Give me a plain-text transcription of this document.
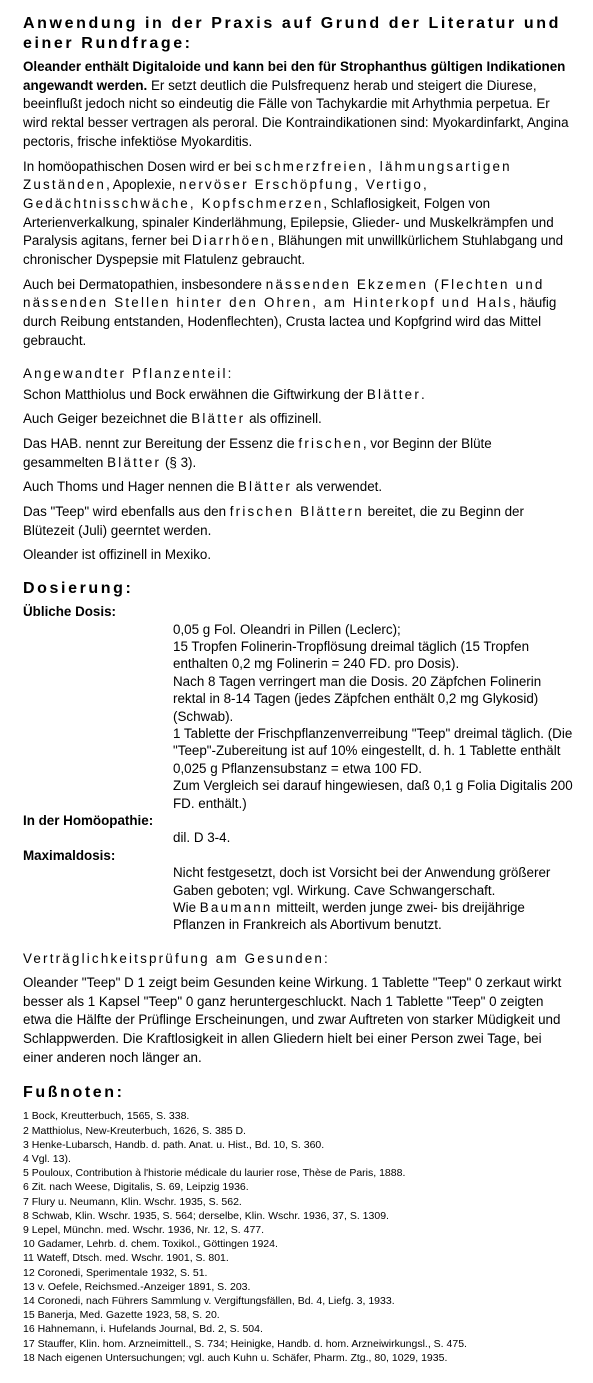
Anwendung in der Praxis auf Grund der Literatur und einer Rundfrage:

Oleander enthält Digitaloide und kann bei den für Strophanthus gültigen Indikationen angewandt werden. Er setzt deutlich die Pulsfrequenz herab und steigert die Diurese, beeinflußt jedoch nicht so eindeutig die Fälle von Tachykardie mit Arhythmia perpetua. Er wird rektal besser vertragen als peroral. Die Kontraindikationen sind: Myokardinfarkt, Angina pectoris, frische infektiöse Myokarditis.

In homöopathischen Dosen wird er bei schmerzfreien, lähmungsartigen Zuständen, Apoplexie, nervöser Erschöpfung, Vertigo, Gedächtnisschwäche, Kopfschmerzen, Schlaflosigkeit, Folgen von Arterienverkalkung, spinaler Kinderlähmung, Epilepsie, Glieder- und Muskelkrämpfen und Paralysis agitans, ferner bei Diarrhöen, Blähungen mit unwillkürlichem Stuhlabgang und chronischer Dyspepsie mit Flatulenz gebraucht.

Auch bei Dermatopathien, insbesondere nässenden Ekzemen (Flechten und nässenden Stellen hinter den Ohren, am Hinterkopf und Hals, häufig durch Reibung entstanden, Hodenflechten), Crusta lactea und Kopfgrind wird das Mittel gebraucht.

Angewandter Pflanzenteil:

Schon Matthiolus und Bock erwähnen die Giftwirkung der Blätter.

Auch Geiger bezeichnet die Blätter als offizinell.

Das HAB. nennt zur Bereitung der Essenz die frischen, vor Beginn der Blüte gesammelten Blätter (§ 3).

Auch Thoms und Hager nennen die Blätter als verwendet.

Das "Teep" wird ebenfalls aus den frischen Blättern bereitet, die zu Beginn der Blütezeit (Juli) geerntet werden.

Oleander ist offizinell in Mexiko.

Dosierung:
Übliche Dosis:
0,05 g Fol. Oleandri in Pillen (Leclerc);
15 Tropfen Folinerin-Tropflösung dreimal täglich (15 Tropfen enthalten 0,2 mg Folinerin = 240 FD. pro Dosis).
Nach 8 Tagen verringert man die Dosis. 20 Zäpfchen Folinerin rektal in 8-14 Tagen (jedes Zäpfchen enthält 0,2 mg Glykosid) (Schwab).
1 Tablette der Frischpflanzenverreibung "Teep" dreimal täglich. (Die "Teep"-Zubereitung ist auf 10% eingestellt, d. h. 1 Tablette enthält 0,025 g Pflanzensubstanz = etwa 100 FD.
Zum Vergleich sei darauf hingewiesen, daß 0,1 g Folia Digitalis 200 FD. enthält.)
In der Homöopathie:
dil. D 3-4.
Maximaldosis:
Nicht festgesetzt, doch ist Vorsicht bei der Anwendung größerer Gaben geboten; vgl. Wirkung. Cave Schwangerschaft.
Wie Baumann mitteilt, werden junge zwei- bis dreijährige Pflanzen in Frankreich als Abortivum benutzt.
Verträglichkeitsprüfung am Gesunden:

Oleander "Teep" D 1 zeigt beim Gesunden keine Wirkung. 1 Tablette "Teep" 0 zerkaut wirkt besser als 1 Kapsel "Teep" 0 ganz heruntergeschluckt. Nach 1 Tablette "Teep" 0 zeigten etwa die Hälfte der Prüflinge Erscheinungen, und zwar Auftreten von starker Müdigkeit und Schlappwerden. Die Kraftlosigkeit in allen Gliedern hielt bei einer Person zwei Tage, bei einer anderen noch länger an.

Fußnoten:

1 Bock, Kreutterbuch, 1565, S. 338.

2 Matthiolus, New-Kreuterbuch, 1626, S. 385 D.

3 Henke-Lubarsch, Handb. d. path. Anat. u. Hist., Bd. 10, S. 360.

4 Vgl. 13).

5 Pouloux, Contribution à l'historie médicale du laurier rose, Thèse de Paris, 1888.

6 Zit. nach Weese, Digitalis, S. 69, Leipzig 1936.

7 Flury u. Neumann, Klin. Wschr. 1935, S. 562.

8 Schwab, Klin. Wschr. 1935, S. 564; derselbe, Klin. Wschr. 1936, 37, S. 1309.

9 Lepel, Münchn. med. Wschr. 1936, Nr. 12, S. 477.

10 Gadamer, Lehrb. d. chem. Toxikol., Göttingen 1924.

11 Wateff, Dtsch. med. Wschr. 1901, S. 801.

12 Coronedi, Sperimentale 1932, S. 51.

13 v. Oefele, Reichsmed.-Anzeiger 1891, S. 203.

14 Coronedi, nach Führers Sammlung v. Vergiftungsfällen, Bd. 4, Liefg. 3, 1933.

15 Banerja, Med. Gazette 1923, 58, S. 20.

16 Hahnemann, i. Hufelands Journal, Bd. 2, S. 504.

17 Stauffer, Klin. hom. Arzneimittell., S. 734; Heinigke, Handb. d. hom. Arzneiwirkungsl., S. 475.

18 Nach eigenen Untersuchungen; vgl. auch Kuhn u. Schäfer, Pharm. Ztg., 80, 1029, 1935.
